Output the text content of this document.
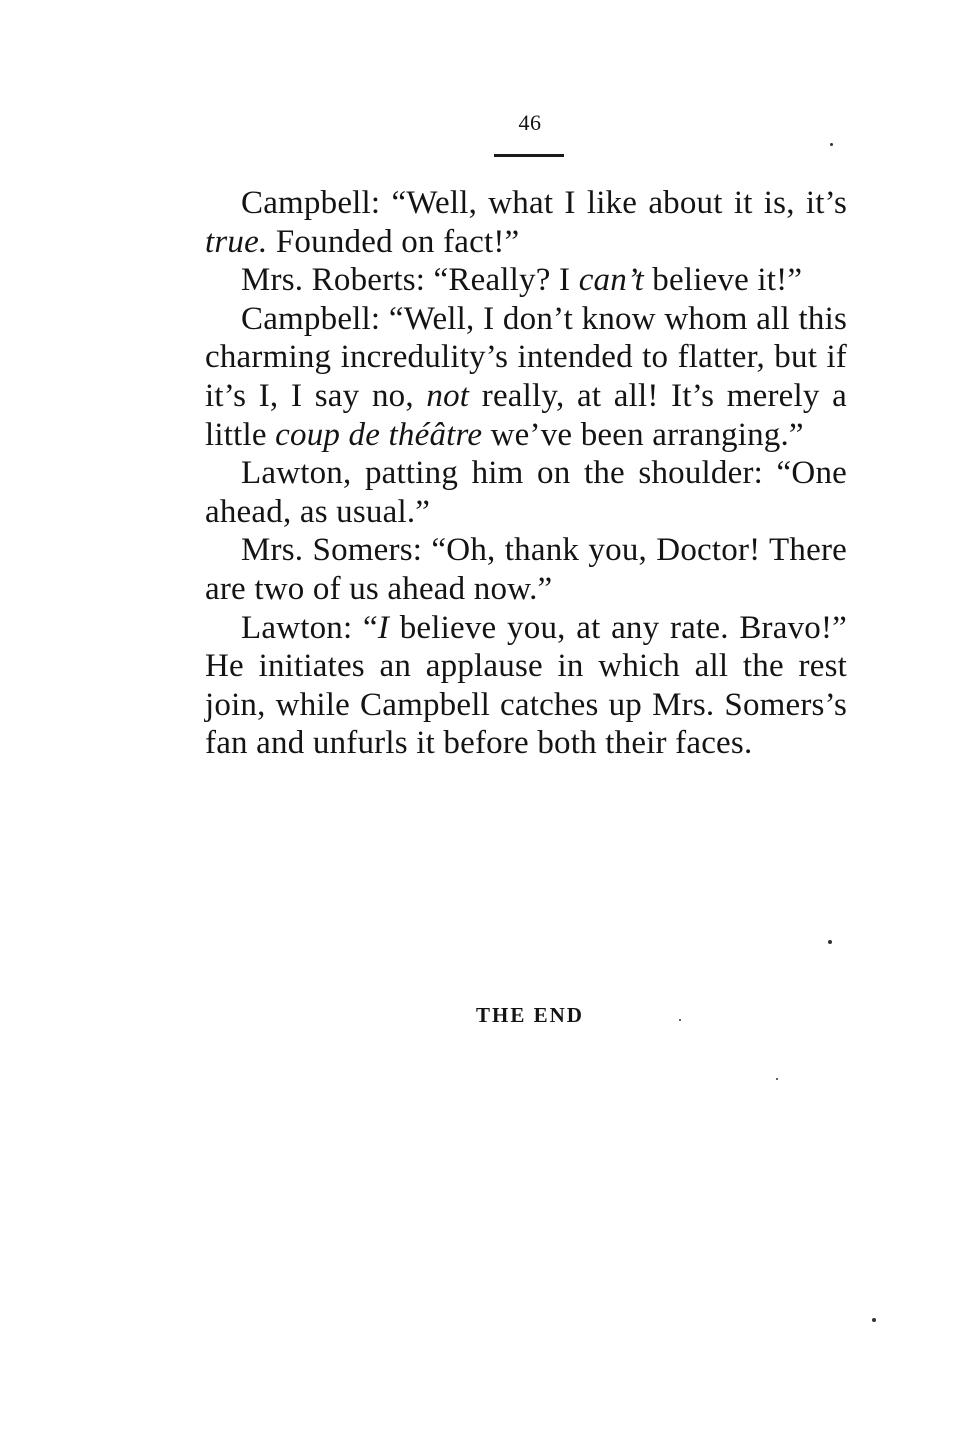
46

Campbell: “Well, what I like about it is, it’s true. Founded on fact!”

Mrs. Roberts: “Really? I can’t believe it!”

Campbell: “Well, I don’t know whom all this charming incredulity’s intended to flatter, but if it’s I, I say no, not really, at all! It’s merely a little coup de théâtre we’ve been arranging.”

Lawton, patting him on the shoulder: “One ahead, as usual.”

Mrs. Somers: “Oh, thank you, Doctor! There are two of us ahead now.”

Lawton: “I believe you, at any rate. Bravo!” He initiates an applause in which all the rest join, while Campbell catches up Mrs. Somers’s fan and unfurls it before both their faces.

THE END
